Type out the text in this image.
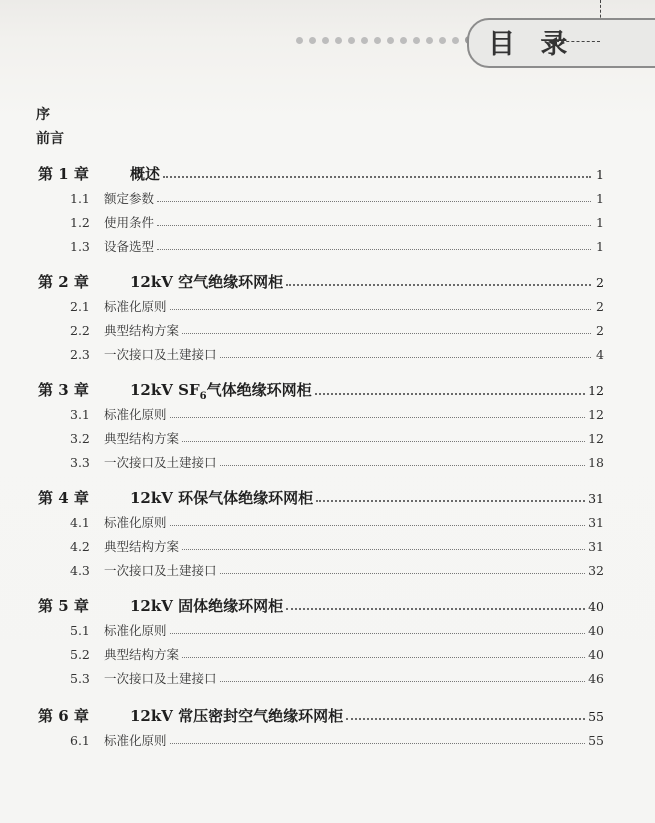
目 录
序
前言
第 1 章	概述	1
1.1	额定参数	1
1.2	使用条件	1
1.3	设备选型	1
第 2 章	12kV 空气绝缘环网柜	2
2.1	标准化原则	2
2.2	典型结构方案	2
2.3	一次接口及土建接口	4
第 3 章	12kV $SF_6$气体绝缘环网柜	12
3.1	标准化原则	12
3.2	典型结构方案	12
3.3	一次接口及土建接口	18
第 4 章	12kV 环保气体绝缘环网柜	31
4.1	标准化原则	31
4.2	典型结构方案	31
4.3	一次接口及土建接口	32
第 5 章	12kV 固体绝缘环网柜	40
5.1	标准化原则	40
5.2	典型结构方案	40
5.3	一次接口及土建接口	46
第 6 章	12kV 常压密封空气绝缘环网柜	55
6.1	标准化原则	55
